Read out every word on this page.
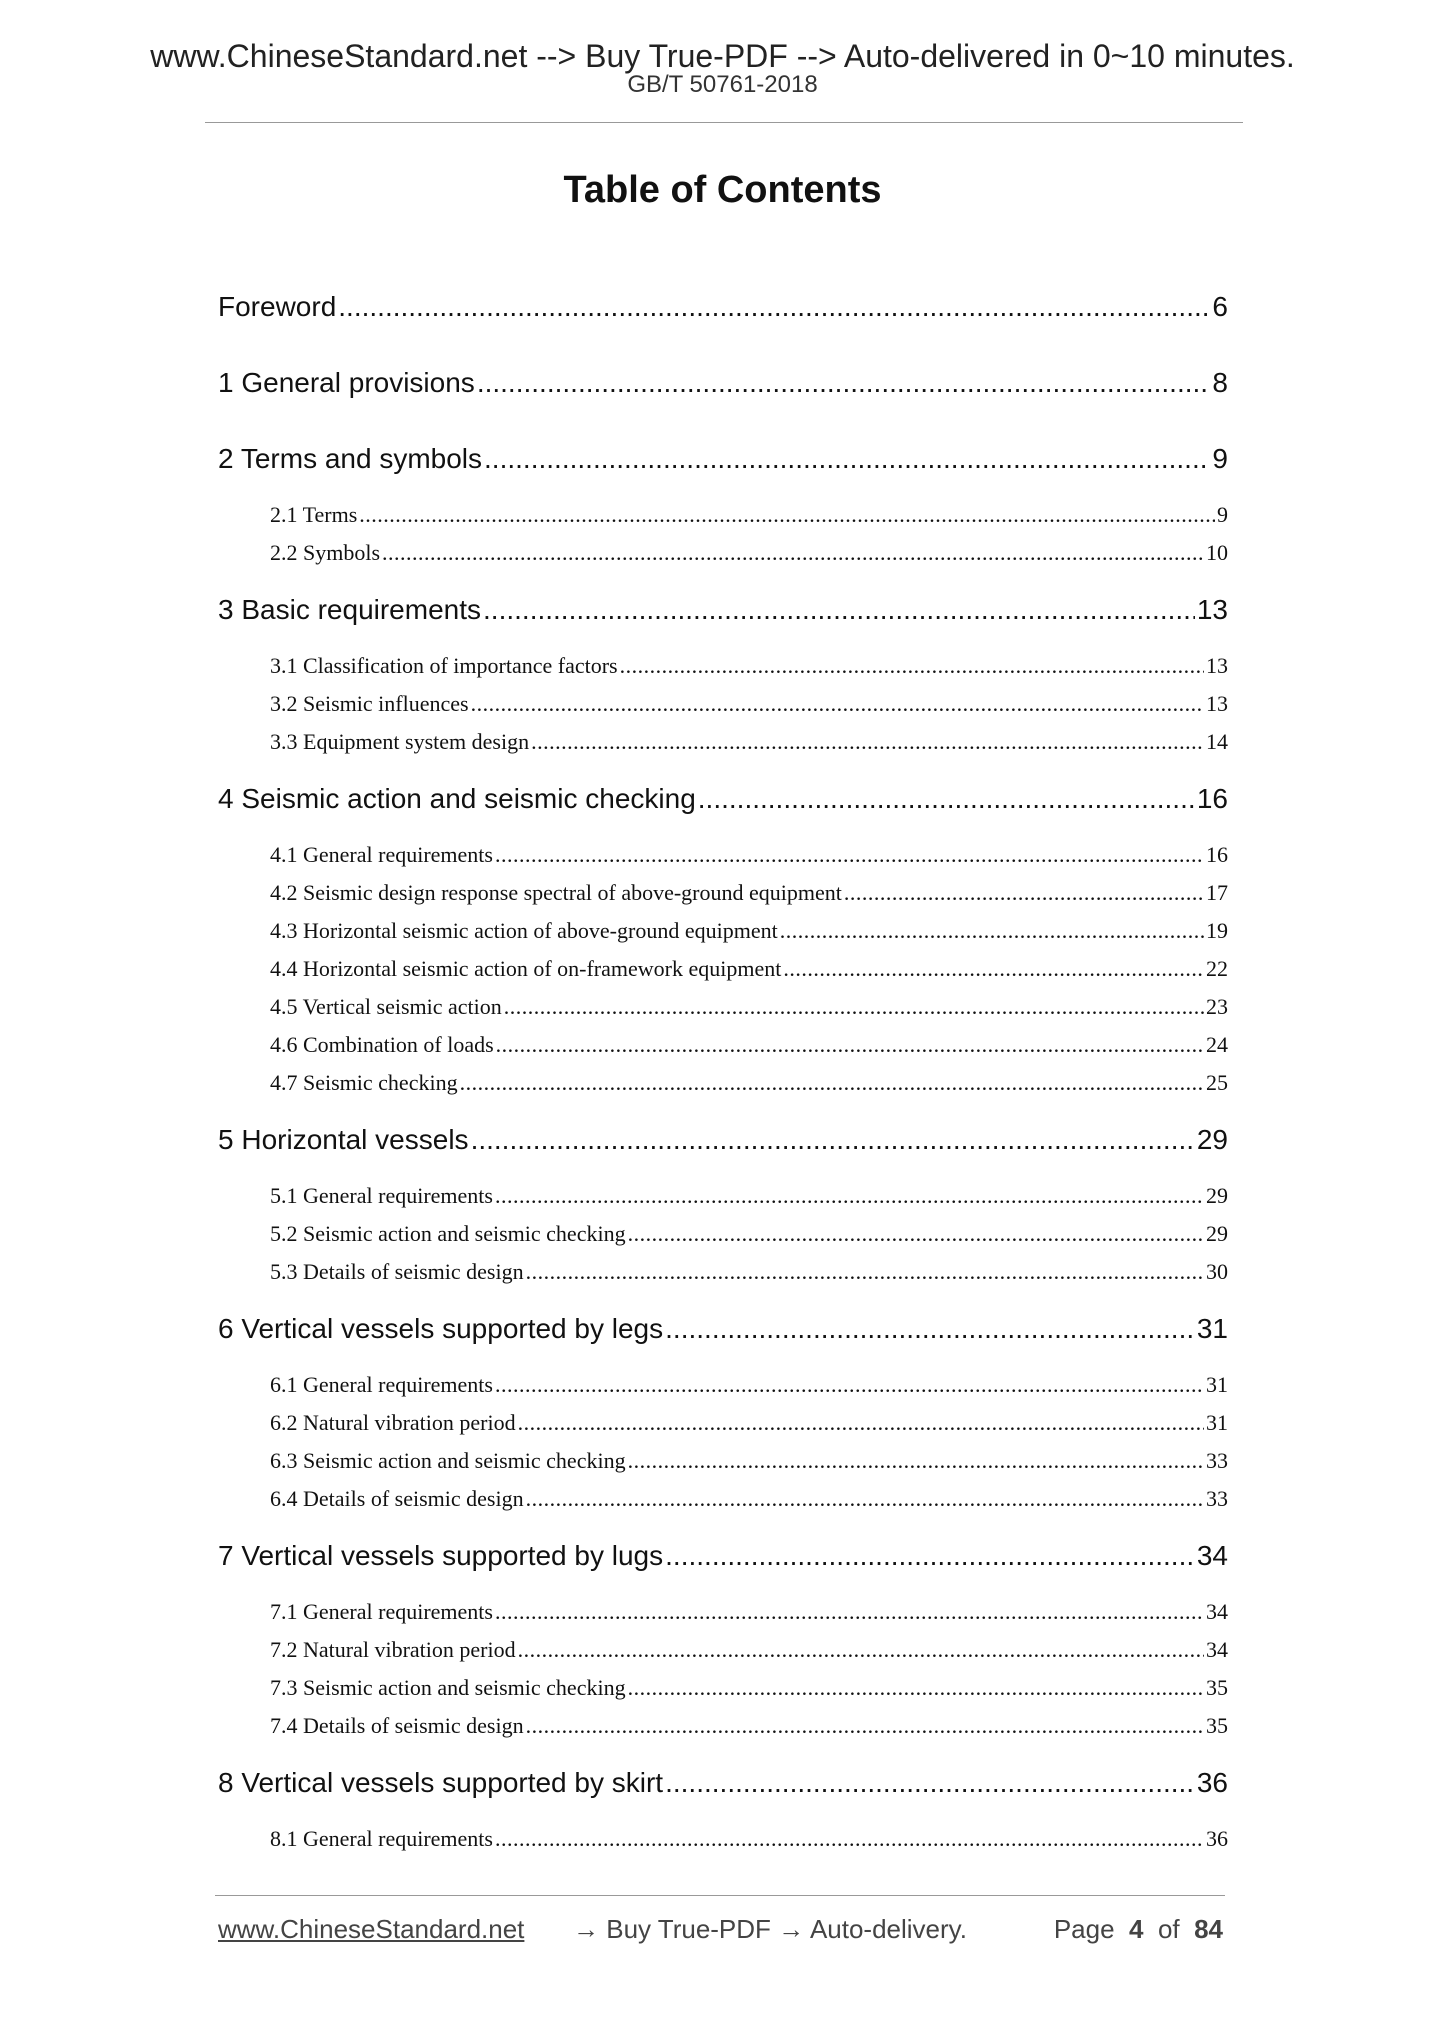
www.ChineseStandard.net --> Buy True-PDF --> Auto-delivered in 0~10 minutes.
GB/T 50761-2018
Table of Contents
Foreword .....	6
1 General provisions .....	8
2 Terms and symbols .....	9
2.1 Terms .....	9
2.2 Symbols .....	10
3 Basic requirements .....	13
3.1 Classification of importance factors .....	13
3.2 Seismic influences .....	13
3.3 Equipment system design .....	14
4 Seismic action and seismic checking .....	16
4.1 General requirements .....	16
4.2 Seismic design response spectral of above-ground equipment .....	17
4.3 Horizontal seismic action of above-ground equipment .....	19
4.4 Horizontal seismic action of on-framework equipment .....	22
4.5 Vertical seismic action .....	23
4.6 Combination of loads .....	24
4.7 Seismic checking .....	25
5 Horizontal vessels .....	29
5.1 General requirements .....	29
5.2 Seismic action and seismic checking .....	29
5.3 Details of seismic design .....	30
6 Vertical vessels supported by legs .....	31
6.1 General requirements .....	31
6.2 Natural vibration period .....	31
6.3 Seismic action and seismic checking .....	33
6.4 Details of seismic design .....	33
7 Vertical vessels supported by lugs .....	34
7.1 General requirements .....	34
7.2 Natural vibration period .....	34
7.3 Seismic action and seismic checking .....	35
7.4 Details of seismic design .....	35
8 Vertical vessels supported by skirt .....	36
8.1 General requirements .....	36
www.ChineseStandard.net → Buy True-PDF → Auto-delivery.	Page 4 of 84
